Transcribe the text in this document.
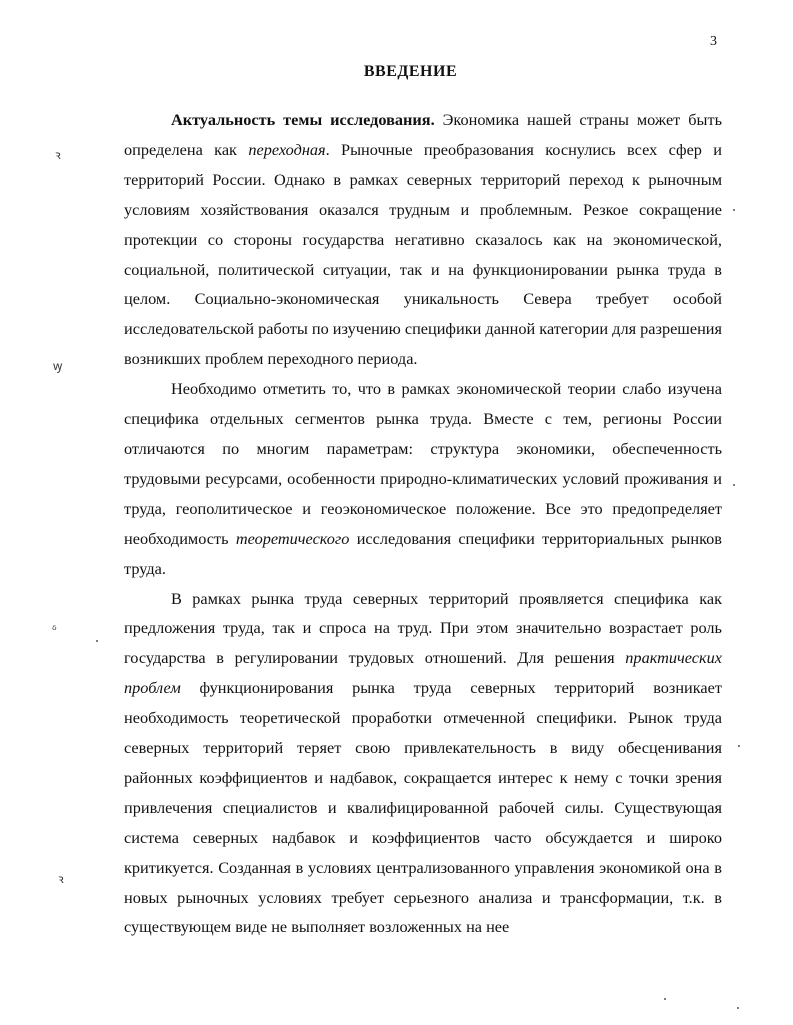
3
ВВЕДЕНИЕ
ꝛ
ꝡ
ᵟ
ꝛ

Актуальность темы исследования. Экономика нашей страны может быть определена как переходная. Рыночные преобразования коснулись всех сфер и территорий России. Однако в рамках северных территорий переход к рыночным условиям хозяйствования оказался трудным и проблемным. Резкое сокращение протекции со стороны государства негативно сказалось как на экономической, социальной, политической ситуации, так и на функционировании рынка труда в целом. Социально-экономическая уникальность Севера требует особой исследовательской работы по изучению специфики данной категории для разрешения возникших проблем переходного периода.

Необходимо отметить то, что в рамках экономической теории слабо изучена специфика отдельных сегментов рынка труда. Вместе с тем, регионы России отличаются по многим параметрам: структура экономики, обеспеченность трудовыми ресурсами, особенности природно-климатических условий проживания и труда, геополитическое и геоэкономическое положение. Все это предопределяет необходимость теоретического исследования специфики территориальных рынков труда.

В рамках рынка труда северных территорий проявляется специфика как предложения труда, так и спроса на труд. При этом значительно возрастает роль государства в регулировании трудовых отношений. Для решения практических проблем функционирования рынка труда северных территорий возникает необходимость теоретической проработки отмеченной специфики. Рынок труда северных территорий теряет свою привлекательность в виду обесценивания районных коэффициентов и надбавок, сокращается интерес к нему с точки зрения привлечения специалистов и квалифицированной рабочей силы. Существующая система северных надбавок и коэффициентов часто обсуждается и широко критикуется. Созданная в условиях централизованного управления экономикой она в новых рыночных условиях требует серьезного анализа и трансформации, т.к. в существующем виде не выполняет возложенных на нее
